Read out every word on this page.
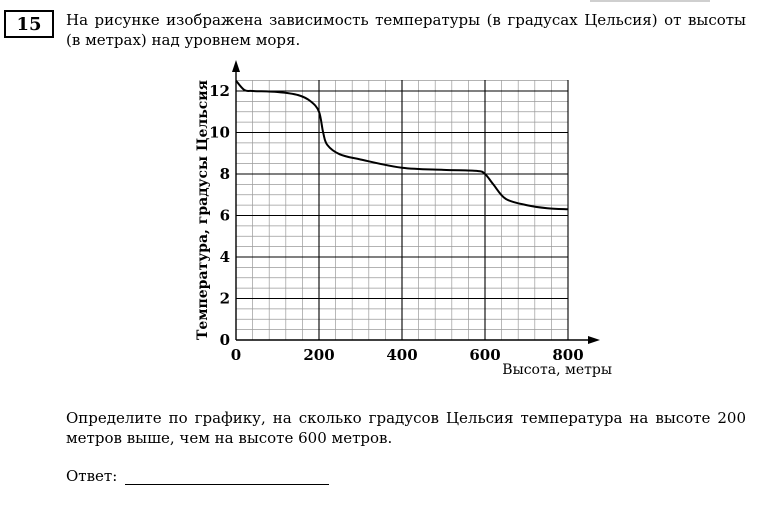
15 На рисунке изображена зависимость температуры (в градусах Цельсия) от высоты (в метрах) над уровнем моря.
0	200	400	600	800
0
2
4
6
8
10
12
Высота, метры
Температура, градусы Цельсия
Определите по графику, на сколько градусов Цельсия температура на высоте 200 метров выше, чем на высоте 600 метров.
Ответ:
